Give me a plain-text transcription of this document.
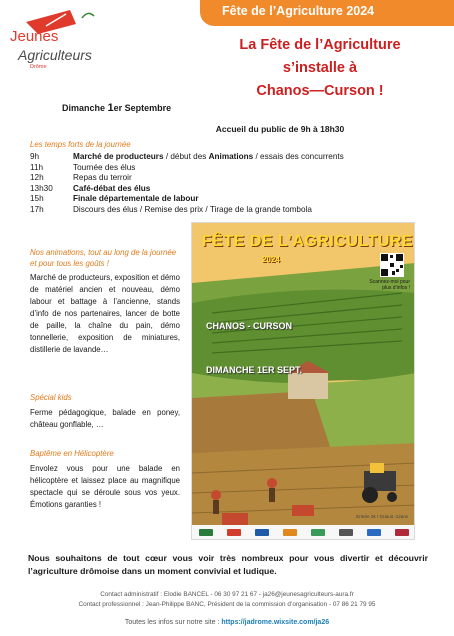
Fête de l’Agriculture 2024
Jeunes
Agriculteurs
Drôme
La Fête de l’Agriculture
s’installe à
Chanos—Curson !
Dimanche 1er Septembre
Accueil du public de 9h à 18h30
Les temps forts de la journée
9h	Marché de producteurs / début des Animations / essais des concurrents
11h	Tournée des élus
12h	Repas du terroir
13h30	Café-débat des élus
15h	Finale départementale de labour
17h	Discours des élus / Remise des prix / Tirage de la grande tombola
Nos animations, tout au long de la journée et pour tous les goûts !
Marché de producteurs, exposition et démo de matériel ancien et nouveau, démo labour et battage à l’ancienne, stands d’info de nos partenaires, lancer de botte de paille, la chaîne du pain, démo tonnellerie, exposition de miniatures, distillerie de lavande…
Spécial kids
Ferme pédagogique, balade en poney, château gonflable, …
Baptême en Hélicoptère
Envolez vous pour une balade en hélicoptère et laissez place au magnifique spectacle qui se déroule sous vos yeux. Émotions garanties !
FÊTE DE L’AGRICULTURE
2024
Scannez-moi pour plus d’infos !
CHANOS - CURSON
DIMANCHE 1ER SEPT.
Entrée 2€ / Gratuit -12ans
Nous souhaitons de tout cœur vous voir très nombreux pour vous divertir et découvrir l’agriculture drômoise dans un moment convivial et ludique.
Contact administratif : Elodie BANCEL - 06 30 97 21 67 - ja26@jeunesagriculteurs-aura.fr
Contact professionnel : Jean-Philippe BANC, Président de la commission d’organisation - 07 86 21 79 95
Toutes les infos sur notre site : https://jadrome.wixsite.com/ja26
